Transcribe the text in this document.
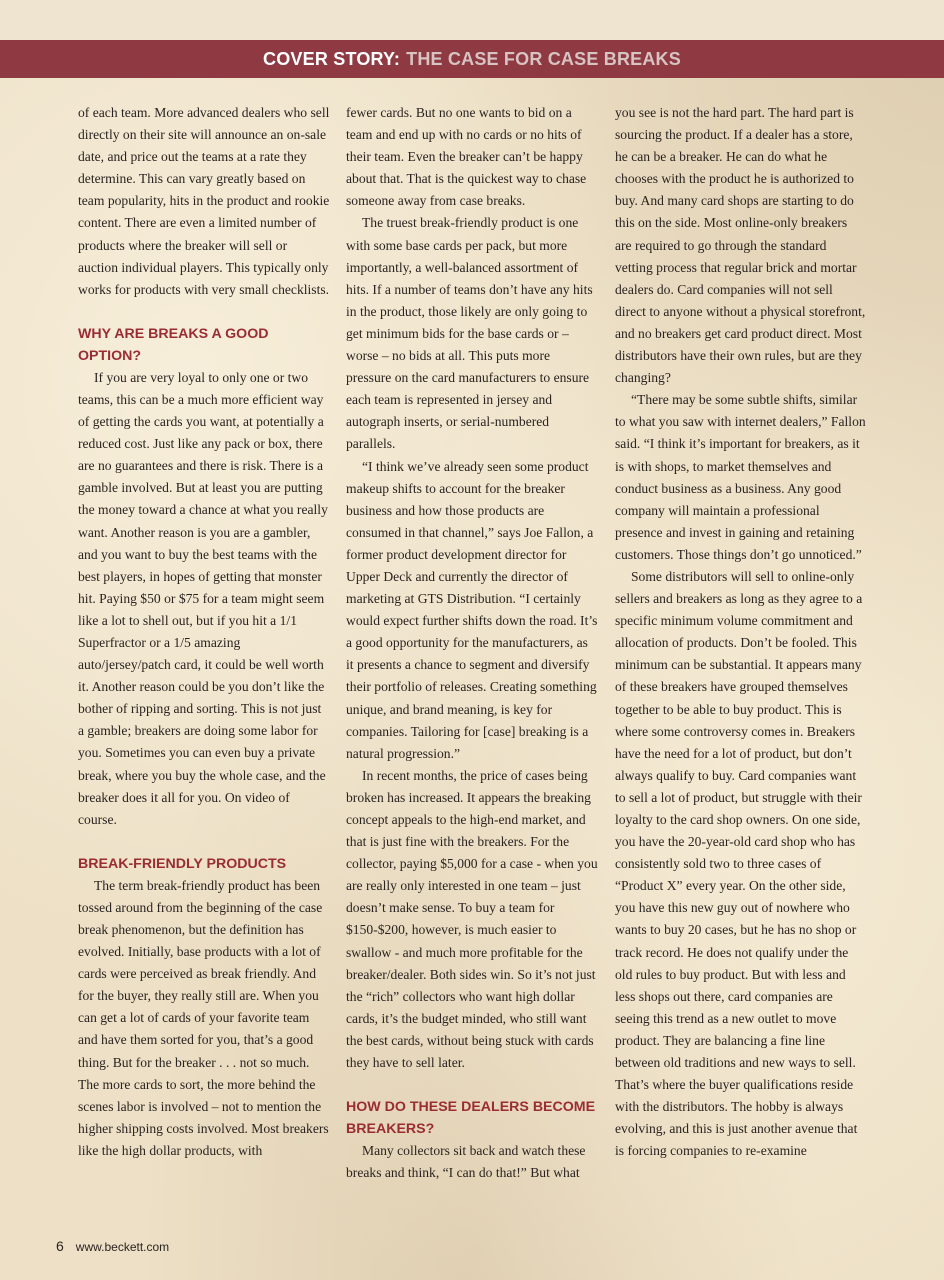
COVER STORY: THE CASE FOR CASE BREAKS

of each team. More advanced dealers who sell directly on their site will announce an on-sale date, and price out the teams at a rate they determine. This can vary greatly based on team popularity, hits in the product and rookie content. There are even a limited number of products where the breaker will sell or auction individual players. This typically only works for products with very small checklists.

WHY ARE BREAKS A GOOD OPTION?

If you are very loyal to only one or two teams, this can be a much more efficient way of getting the cards you want, at potentially a reduced cost. Just like any pack or box, there are no guarantees and there is risk. There is a gamble involved. But at least you are putting the money toward a chance at what you really want. Another reason is you are a gambler, and you want to buy the best teams with the best players, in hopes of getting that monster hit. Paying $50 or $75 for a team might seem like a lot to shell out, but if you hit a 1/1 Superfractor or a 1/5 amazing auto/jersey/patch card, it could be well worth it. Another reason could be you don’t like the bother of ripping and sorting. This is not just a gamble; breakers are doing some labor for you. Sometimes you can even buy a private break, where you buy the whole case, and the breaker does it all for you. On video of course.

BREAK-FRIENDLY PRODUCTS

The term break-friendly product has been tossed around from the beginning of the case break phenomenon, but the definition has evolved. Initially, base products with a lot of cards were perceived as break friendly. And for the buyer, they really still are. When you can get a lot of cards of your favorite team and have them sorted for you, that’s a good thing. But for the breaker . . . not so much. The more cards to sort, the more behind the scenes labor is involved – not to mention the higher shipping costs involved. Most breakers like the high dollar products, with

fewer cards. But no one wants to bid on a team and end up with no cards or no hits of their team. Even the breaker can’t be happy about that. That is the quickest way to chase someone away from case breaks.

The truest break-friendly product is one with some base cards per pack, but more importantly, a well-balanced assortment of hits. If a number of teams don’t have any hits in the product, those likely are only going to get minimum bids for the base cards or – worse – no bids at all. This puts more pressure on the card manufacturers to ensure each team is represented in jersey and autograph inserts, or serial-numbered parallels.

“I think we’ve already seen some product makeup shifts to account for the breaker business and how those products are consumed in that channel,” says Joe Fallon, a former product development director for Upper Deck and currently the director of marketing at GTS Distribution. “I certainly would expect further shifts down the road. It’s a good opportunity for the manufacturers, as it presents a chance to segment and diversify their portfolio of releases. Creating something unique, and brand meaning, is key for companies. Tailoring for [case] breaking is a natural progression.”

In recent months, the price of cases being broken has increased. It appears the breaking concept appeals to the high-end market, and that is just fine with the breakers. For the collector, paying $5,000 for a case - when you are really only interested in one team – just doesn’t make sense. To buy a team for $150-$200, however, is much easier to swallow - and much more profitable for the breaker/dealer. Both sides win. So it’s not just the “rich” collectors who want high dollar cards, it’s the budget minded, who still want the best cards, without being stuck with cards they have to sell later.

HOW DO THESE DEALERS BECOME BREAKERS?

Many collectors sit back and watch these breaks and think, “I can do that!” But what

you see is not the hard part. The hard part is sourcing the product. If a dealer has a store, he can be a breaker. He can do what he chooses with the product he is authorized to buy. And many card shops are starting to do this on the side. Most online-only breakers are required to go through the standard vetting process that regular brick and mortar dealers do. Card companies will not sell direct to anyone without a physical storefront, and no breakers get card product direct. Most distributors have their own rules, but are they changing?

“There may be some subtle shifts, similar to what you saw with internet dealers,” Fallon said. “I think it’s important for breakers, as it is with shops, to market themselves and conduct business as a business. Any good company will maintain a professional presence and invest in gaining and retaining customers. Those things don’t go unnoticed.”

Some distributors will sell to online-only sellers and breakers as long as they agree to a specific minimum volume commitment and allocation of products. Don’t be fooled. This minimum can be substantial. It appears many of these breakers have grouped themselves together to be able to buy product. This is where some controversy comes in. Breakers have the need for a lot of product, but don’t always qualify to buy. Card companies want to sell a lot of product, but struggle with their loyalty to the card shop owners. On one side, you have the 20-year-old card shop who has consistently sold two to three cases of “Product X” every year. On the other side, you have this new guy out of nowhere who wants to buy 20 cases, but he has no shop or track record. He does not qualify under the old rules to buy product. But with less and less shops out there, card companies are seeing this trend as a new outlet to move product. They are balancing a fine line between old traditions and new ways to sell. That’s where the buyer qualifications reside with the distributors. The hobby is always evolving, and this is just another avenue that is forcing companies to re-examine

6 www.beckett.com
